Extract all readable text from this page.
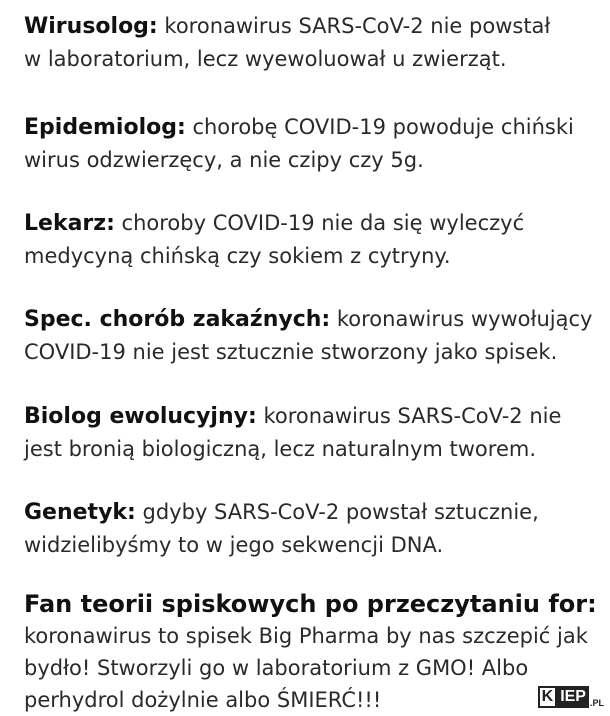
Wirusolog: koronawirus SARS-CoV-2 nie powstał
w laboratorium, lecz wyewoluował u zwierząt.

Epidemiolog: chorobę COVID-19 powoduje chiński
wirus odzwierzęcy, a nie czipy czy 5g.

Lekarz: choroby COVID-19 nie da się wyleczyć
medycyną chińską czy sokiem z cytryny.

Spec. chorób zakaźnych: koronawirus wywołujący
COVID-19 nie jest sztucznie stworzony jako spisek.

Biolog ewolucyjny: koronawirus SARS-CoV-2 nie
jest bronią biologiczną, lecz naturalnym tworem.

Genetyk: gdyby SARS-CoV-2 powstał sztucznie,
widzielibyśmy to w jego sekwencji DNA.

Fan teorii spiskowych po przeczytaniu for:
koronawirus to spisek Big Pharma by nas szczepić jak
bydło! Stworzyli go w laboratorium z GMO! Albo
perhydrol dożylnie albo ŚMIERĆ!!!	K IEP .PL
